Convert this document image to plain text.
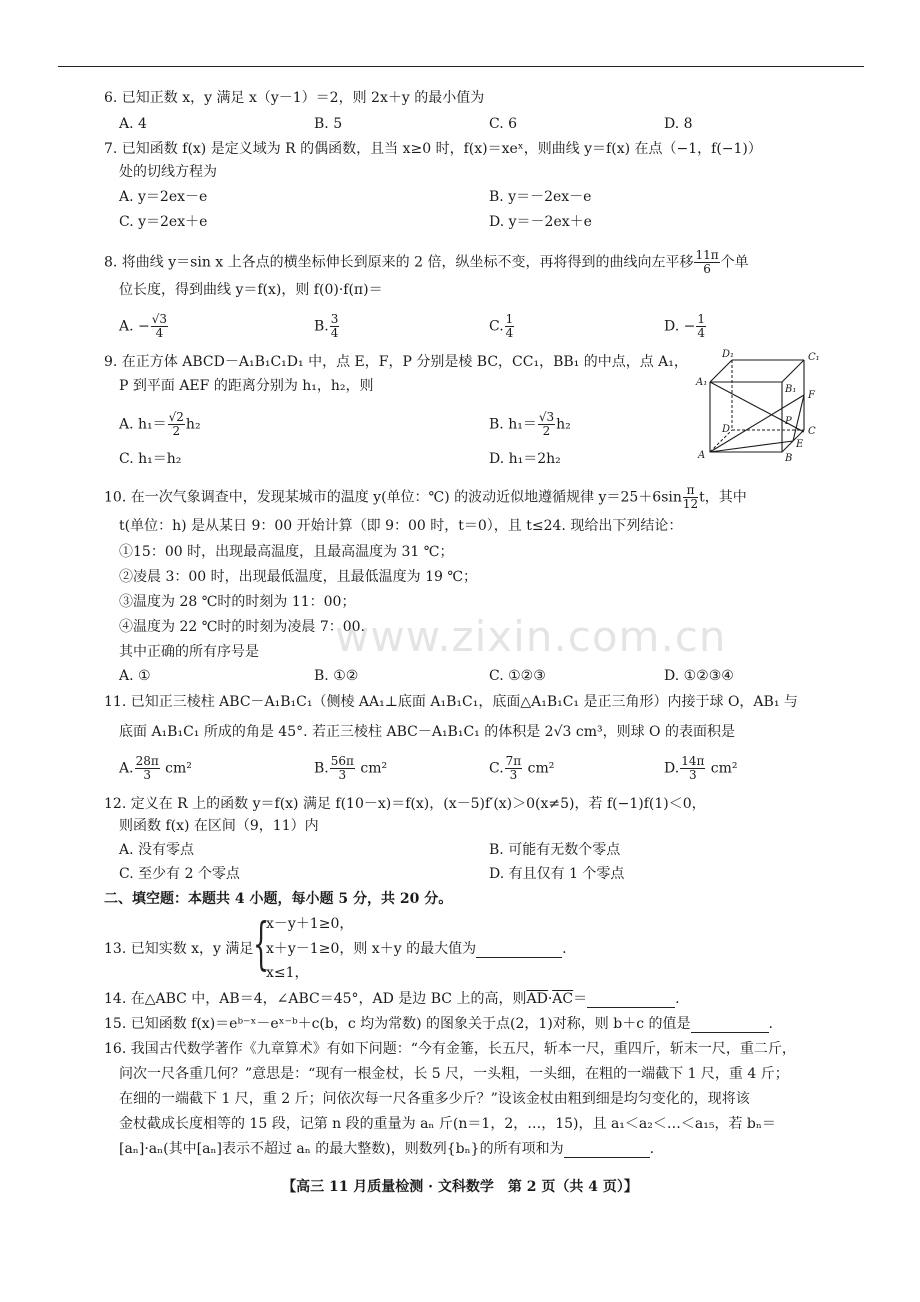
www.zixin.com.cn
6. 已知正数 x，y 满足 x（y－1）＝2，则 2x＋y 的最小值为
A. 4	B. 5	C. 6	D. 8
7. 已知函数 f(x) 是定义域为 R 的偶函数，且当 x≥0 时，f(x)＝xeˣ，则曲线 y＝f(x) 在点（−1，f(−1)）
处的切线方程为
A. y＝2ex－e	B. y＝－2ex－e
C. y＝2ex＋e	D. y＝－2ex＋e
8. 将曲线 y＝sin x 上各点的横坐标伸长到原来的 2 倍，纵坐标不变，再将得到的曲线向左平移 $\frac{11\pi}{6}$ 个单
位长度，得到曲线 y＝f(x)，则 f(0)·f(π)＝
A. − $\frac{√3}{4}$	B. $\frac{3}{4}$	C. $\frac{1}{4}$	D. − $\frac{1}{4}$
9. 在正方体 ABCD－A₁B₁C₁D₁ 中，点 E，F，P 分别是棱 BC，CC₁，BB₁ 的中点，点 A₁，
P 到平面 AEF 的距离分别为 h₁，h₂，则
A. $h_1= \frac{√2}{2} h_2$	B. $h_1= \frac{√3}{2} h_2$
C. h₁＝h₂	D. h₁＝2h₂
D₁	C₁
A₁
B₁
F
P
D	C
E
A	B
10. 在一次气象调查中，发现某城市的温度 y(单位：℃) 的波动近似地遵循规律 $y=25+6\sin \frac{\pi}{12}$ t，其中
t(单位：h) 是从某日 9：00 开始计算（即 9：00 时，t＝0），且 t≤24. 现给出下列结论：
①15：00 时，出现最高温度，且最高温度为 31 ℃；
②凌晨 3：00 时，出现最低温度，且最低温度为 19 ℃；
③温度为 28 ℃时的时刻为 11：00；
④温度为 22 ℃时的时刻为凌晨 7：00.
其中正确的所有序号是
A. ①	B. ①②	C. ①②③	D. ①②③④
11. 已知正三棱柱 ABC－A₁B₁C₁（侧棱 AA₁⊥底面 A₁B₁C₁，底面△A₁B₁C₁ 是正三角形）内接于球 O，AB₁ 与
底面 A₁B₁C₁ 所成的角是 45°. 若正三棱柱 ABC－A₁B₁C₁ 的体积是 2√3 cm³，则球 O 的表面积是
A. $\frac{28\pi}{3} cm^2$	B. $\frac{56\pi}{3} cm^2$	C. $\frac{7\pi}{3} cm^2$	D. $\frac{14\pi}{3} cm^2$
12. 定义在 R 上的函数 y＝f(x) 满足 f(10－x)＝f(x)，(x－5)f′(x)＞0(x≠5)，若 f(−1)f(1)＜0，
则函数 f(x) 在区间（9，11）内
A. 没有零点	B. 可能有无数个零点
C. 至少有 2 个零点	D. 有且仅有 1 个零点
二、填空题：本题共 4 小题，每小题 5 分，共 20 分。
x－y＋1≥0，
{
13. 已知实数 x，y 满足 x＋y－1≥0，则 x＋y 的最大值为	.
x≤1，
14. 在△ABC 中，AB＝4，∠ABC＝45°，AD 是边 BC 上的高，则$\overline{AD}\cdot\overline{AC}=$	.
15. 已知函数 f(x)＝eᵇ⁻ˣ－eˣ⁻ᵇ＋c(b，c 均为常数) 的图象关于点(2，1)对称，则 b＋c 的值是	.
16. 我国古代数学著作《九章算术》有如下问题：“今有金箠，长五尺，斩本一尺，重四斤，斩末一尺，重二斤，
问次一尺各重几何？”意思是：“现有一根金杖，长 5 尺，一头粗，一头细，在粗的一端截下 1 尺，重 4 斤；
在细的一端截下 1 尺，重 2 斤；问依次每一尺各重多少斤？”设该金杖由粗到细是均匀变化的，现将该
金杖截成长度相等的 15 段，记第 n 段的重量为 aₙ 斤(n＝1，2，…，15)，且 a₁＜a₂＜…＜a₁₅，若 bₙ＝
[aₙ]·aₙ(其中[aₙ]表示不超过 aₙ 的最大整数)，则数列{bₙ}的所有项和为	.
【高三 11 月质量检测 · 文科数学　第 2 页（共 4 页）】
